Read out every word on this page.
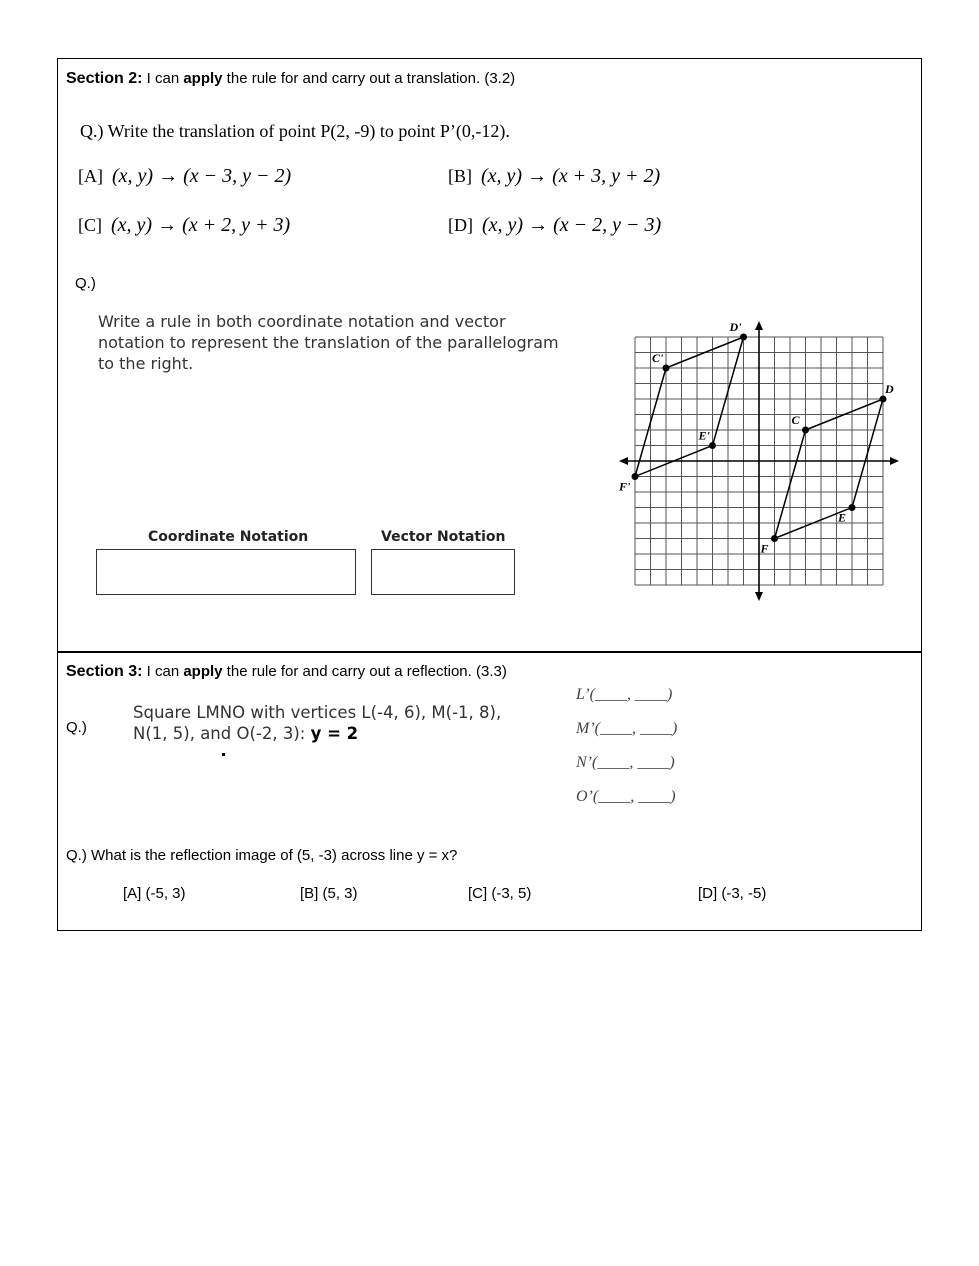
Section 2: I can apply the rule for and carry out a translation. (3.2)
Q.) Write the translation of point P(2, -9) to point P’(0,-12).
[A] (x, y) → (x − 3, y − 2)	[B] (x, y) → (x + 3, y + 2)
[C] (x, y) → (x + 2, y + 3)	[D] (x, y) → (x − 2, y − 3)
Q.)
Write a rule in both coordinate notation and vector
notation to represent the translation of the parallelogram
to the right.
Coordinate Notation	Vector Notation
C'
D'
E'
F'
C
D
E
F
Section 3: I can apply the rule for and carry out a reflection. (3.3)
Q.)
Square LMNO with vertices L(-4, 6), M(-1, 8),
N(1, 5), and O(-2, 3): y = 2
L’(____, ____)
M’(____, ____)
N’(____, ____)
O’(____, ____)
Q.) What is the reflection image of (5, -3) across line y = x?
[A] (-5, 3)	[B] (5, 3)	[C] (-3, 5)	[D] (-3, -5)
